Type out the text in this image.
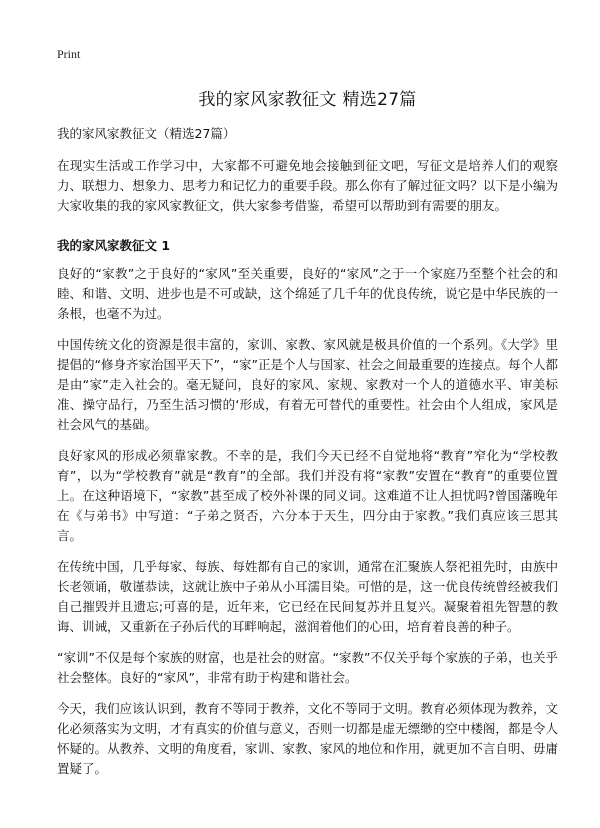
Print

我的家风家教征文 精选27篇

我的家风家教征文（精选27篇）

在现实生活或工作学习中，大家都不可避免地会接触到征文吧，写征文是培养人们的观察力、联想力、想象力、思考力和记忆力的重要手段。那么你有了解过征文吗？以下是小编为大家收集的我的家风家教征文，供大家参考借鉴，希望可以帮助到有需要的朋友。

我的家风家教征文 1

良好的“家教”之于良好的“家风”至关重要，良好的“家风”之于一个家庭乃至整个社会的和睦、和谐、文明、进步也是不可或缺，这个绵延了几千年的优良传统，说它是中华民族的一条根，也毫不为过。

中国传统文化的资源是很丰富的，家训、家教、家风就是极具价值的一个系列。《大学》里提倡的“修身齐家治国平天下”，“家”正是个人与国家、社会之间最重要的连接点。每个人都是由“家”走入社会的。毫无疑问，良好的家风、家规、家教对一个人的道德水平、审美标准、操守品行，乃至生活习惯的‘形成，有着无可替代的重要性。社会由个人组成，家风是社会风气的基础。

良好家风的形成必须靠家教。不幸的是，我们今天已经不自觉地将“教育”窄化为“学校教育”，以为“学校教育”就是“教育”的全部。我们并没有将“家教”安置在“教育”的重要位置上。在这种语境下，“家教”甚至成了校外补课的同义词。这难道不让人担忧吗?曾国藩晚年在《与弟书》中写道：“子弟之贤否，六分本于天生，四分由于家教。”我们真应该三思其言。

在传统中国，几乎每家、每族、每姓都有自己的家训，通常在汇聚族人祭祀祖先时，由族中长老领诵，敬谨恭读，这就让族中子弟从小耳濡目染。可惜的是，这一优良传统曾经被我们自己摧毁并且遗忘;可喜的是，近年来，它已经在民间复苏并且复兴。凝聚着祖先智慧的教诲、训诫，又重新在子孙后代的耳畔响起，滋润着他们的心田，培育着良善的种子。

“家训”不仅是每个家族的财富，也是社会的财富。“家教”不仅关乎每个家族的子弟，也关乎社会整体。良好的“家风”，非常有助于构建和谐社会。

今天，我们应该认识到，教育不等同于教养，文化不等同于文明。教育必须体现为教养，文化必须落实为文明，才有真实的价值与意义，否则一切都是虚无缥缈的空中楼阁，都是令人怀疑的。从教养、文明的角度看，家训、家教、家风的地位和作用，就更加不言自明、毋庸置疑了。
